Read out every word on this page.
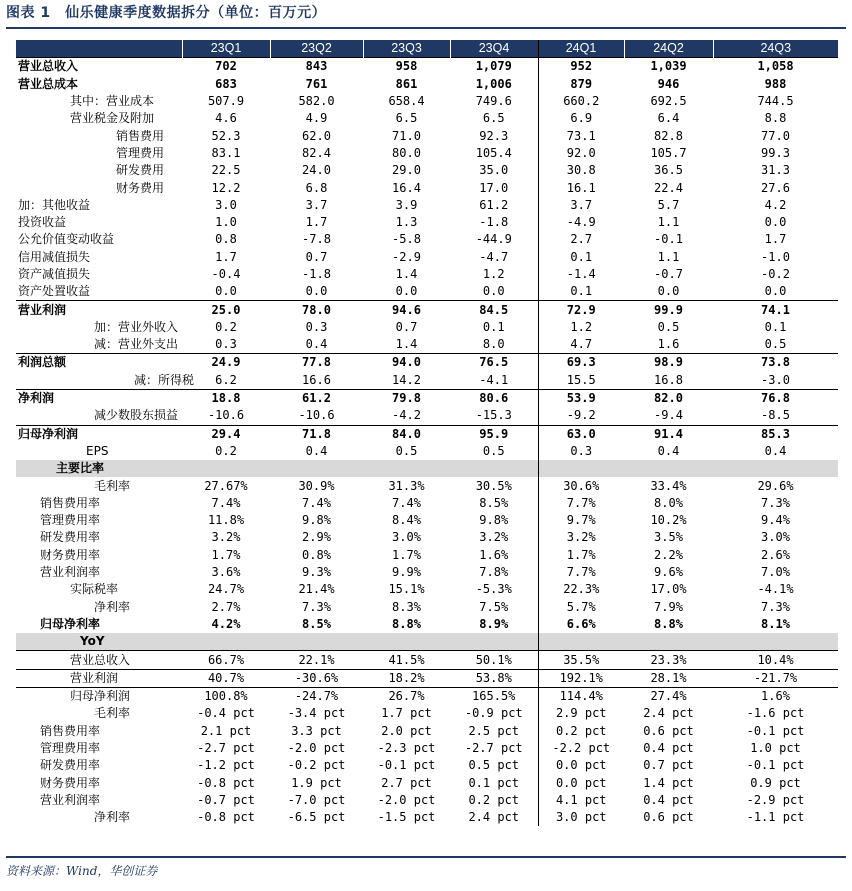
图表 1　仙乐健康季度数据拆分（单位：百万元）
	23Q1	23Q2	23Q3	23Q4	24Q1	24Q2	24Q3
营业总收入	702	843	958	1,079	952	1,039	1,058
营业总成本	683	761	861	1,006	879	946	988
其中：营业成本	507.9	582.0	658.4	749.6	660.2	692.5	744.5
营业税金及附加	4.6	4.9	6.5	6.5	6.9	6.4	8.8
销售费用	52.3	62.0	71.0	92.3	73.1	82.8	77.0
管理费用	83.1	82.4	80.0	105.4	92.0	105.7	99.3
研发费用	22.5	24.0	29.0	35.0	30.8	36.5	31.3
财务费用	12.2	6.8	16.4	17.0	16.1	22.4	27.6
加：其他收益	3.0	3.7	3.9	61.2	3.7	5.7	4.2
投资收益	1.0	1.7	1.3	-1.8	-4.9	1.1	0.0
公允价值变动收益	0.8	-7.8	-5.8	-44.9	2.7	-0.1	1.7
信用减值损失	1.7	0.7	-2.9	-4.7	0.1	1.1	-1.0
资产减值损失	-0.4	-1.8	1.4	1.2	-1.4	-0.7	-0.2
资产处置收益	0.0	0.0	0.0	0.0	0.1	0.0	0.0
营业利润	25.0	78.0	94.6	84.5	72.9	99.9	74.1
加：营业外收入	0.2	0.3	0.7	0.1	1.2	0.5	0.1
减：营业外支出	0.3	0.4	1.4	8.0	4.7	1.6	0.5
利润总额	24.9	77.8	94.0	76.5	69.3	98.9	73.8
减：所得税	6.2	16.6	14.2	-4.1	15.5	16.8	-3.0
净利润	18.8	61.2	79.8	80.6	53.9	82.0	76.8
减少数股东损益	-10.6	-10.6	-4.2	-15.3	-9.2	-9.4	-8.5
归母净利润	29.4	71.8	84.0	95.9	63.0	91.4	85.3
EPS	0.2	0.4	0.5	0.5	0.3	0.4	0.4
主要比率							
毛利率	27.67%	30.9%	31.3%	30.5%	30.6%	33.4%	29.6%
销售费用率	7.4%	7.4%	7.4%	8.5%	7.7%	8.0%	7.3%
管理费用率	11.8%	9.8%	8.4%	9.8%	9.7%	10.2%	9.4%
研发费用率	3.2%	2.9%	3.0%	3.2%	3.2%	3.5%	3.0%
财务费用率	1.7%	0.8%	1.7%	1.6%	1.7%	2.2%	2.6%
营业利润率	3.6%	9.3%	9.9%	7.8%	7.7%	9.6%	7.0%
实际税率	24.7%	21.4%	15.1%	-5.3%	22.3%	17.0%	-4.1%
净利率	2.7%	7.3%	8.3%	7.5%	5.7%	7.9%	7.3%
归母净利率	4.2%	8.5%	8.8%	8.9%	6.6%	8.8%	8.1%
YoY							
营业总收入	66.7%	22.1%	41.5%	50.1%	35.5%	23.3%	10.4%
营业利润	40.7%	-30.6%	18.2%	53.8%	192.1%	28.1%	-21.7%
归母净利润	100.8%	-24.7%	26.7%	165.5%	114.4%	27.4%	1.6%
毛利率	-0.4 pct	-3.4 pct	1.7 pct	-0.9 pct	2.9 pct	2.4 pct	-1.6 pct
销售费用率	2.1 pct	3.3 pct	2.0 pct	2.5 pct	0.2 pct	0.6 pct	-0.1 pct
管理费用率	-2.7 pct	-2.0 pct	-2.3 pct	-2.7 pct	-2.2 pct	0.4 pct	1.0 pct
研发费用率	-1.2 pct	-0.2 pct	-0.1 pct	0.5 pct	0.0 pct	0.7 pct	-0.1 pct
财务费用率	-0.8 pct	1.9 pct	2.7 pct	0.1 pct	0.0 pct	1.4 pct	0.9 pct
营业利润率	-0.7 pct	-7.0 pct	-2.0 pct	0.2 pct	4.1 pct	0.4 pct	-2.9 pct
净利率	-0.8 pct	-6.5 pct	-1.5 pct	2.4 pct	3.0 pct	0.6 pct	-1.1 pct
资料来源：Wind，华创证券
